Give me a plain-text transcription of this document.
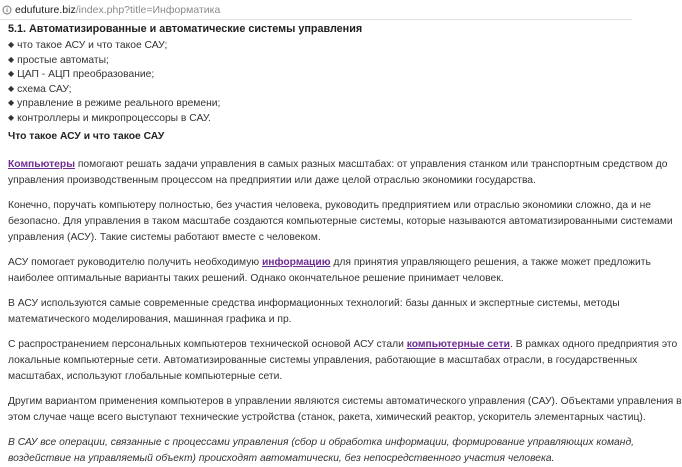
edufuture.biz /index.php?title=Информатика
5.1. Автоматизированные и автоматические системы управления
◆ что такое АСУ и что такое САУ;
◆ простые автоматы;
◆ ЦАП - АЦП преобразование;
◆ схема САУ;
◆ управление в режиме реального времени;
◆ контроллеры и микропроцессоры в САУ.
Что такое АСУ и что такое САУ

Компьютеры помогают решать задачи управления в самых разных масштабах: от управления станком или транспортным средством до
управления производственным процессом на предприятии или даже целой отраслью экономики государства.

Конечно, поручать компьютеру полностью, без участия человека, руководить предприятием или отраслью экономики сложно, да и не
безопасно. Для управления в таком масштабе создаются компьютерные системы, которые называются автоматизированными системами
управления (АСУ). Такие системы работают вместе с человеком.

АСУ помогает руководителю получить необходимую информацию для принятия управляющего решения, а также может предложить
наиболее оптимальные варианты таких решений. Однако окончательное решение принимает человек.

В АСУ используются самые современные средства информационных технологий: базы данных и экспертные системы, методы
математического моделирования, машинная графика и пр.

С распространением персональных компьютеров технической основой АСУ стали компьютерные сети. В рамках одного предприятия это
локальные компьютерные сети. Автоматизированные системы управления, работающие в масштабах отрасли, в государственных
масштабах, используют глобальные компьютерные сети.

Другим вариантом применения компьютеров в управлении являются системы автоматического управления (САУ). Объектами управления в
этом случае чаще всего выступают технические устройства (станок, ракета, химический реактор, ускоритель элементарных частиц).

В САУ все операции, связанные с процессами управления (сбор и обработка информации, формирование управляющих команд,
воздействие на управляемый объект) происходят автоматически, без непосредственного участия человека.
